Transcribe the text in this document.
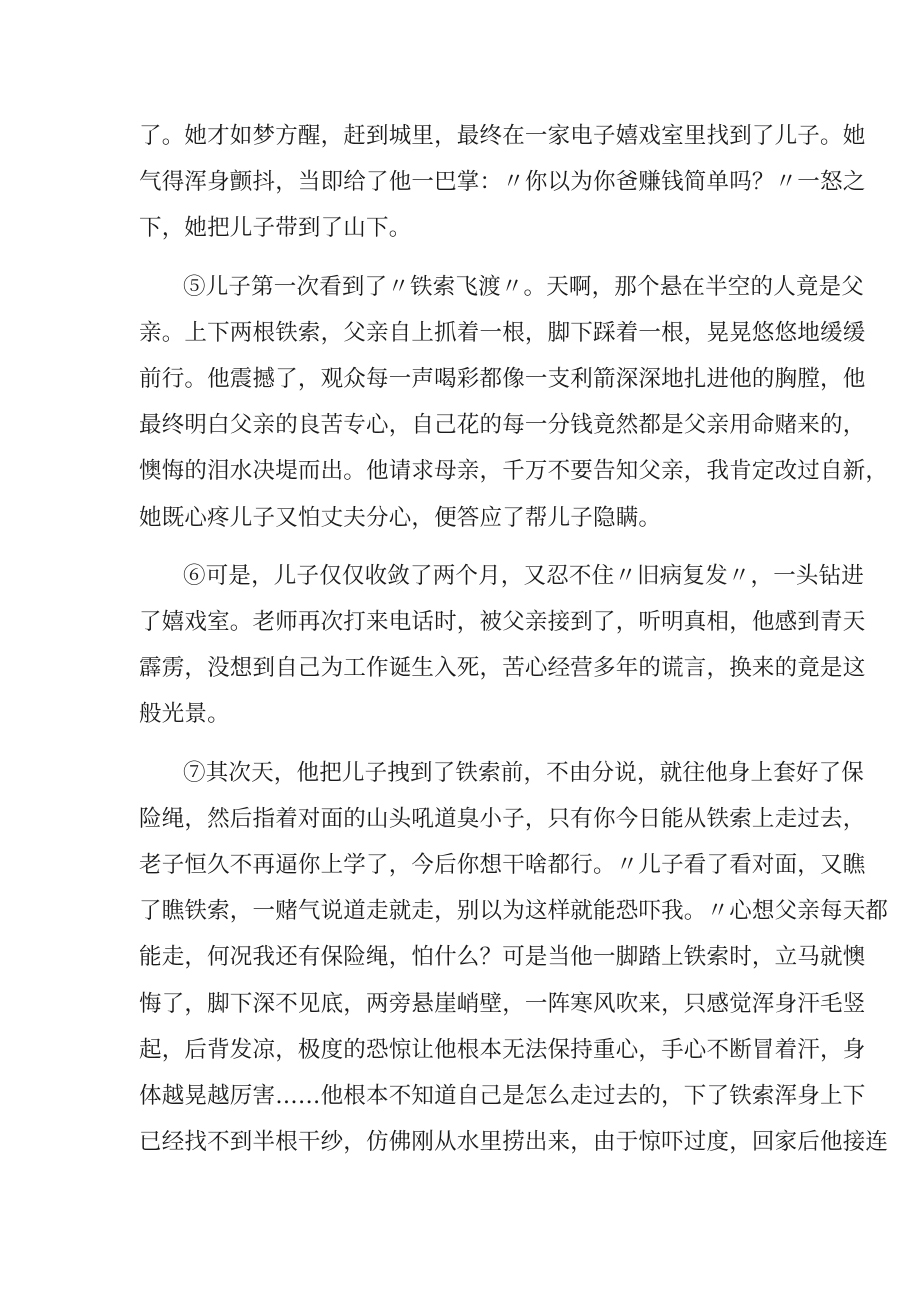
了。她才如梦方醒，赶到城里，最终在一家电子嬉戏室里找到了儿子。她
气得浑身颤抖，当即给了他一巴掌：〃你以为你爸赚钱简单吗？〃一怒之
下，她把儿子带到了山下。
⑤儿子第一次看到了〃铁索飞渡〃。天啊，那个悬在半空的人竟是父
亲。上下两根铁索，父亲自上抓着一根，脚下踩着一根，晃晃悠悠地缓缓
前行。他震撼了，观众每一声喝彩都像一支利箭深深地扎进他的胸膛，他
最终明白父亲的良苦专心，自己花的每一分钱竟然都是父亲用命赌来的，
懊悔的泪水决堤而出。他请求母亲，千万不要告知父亲，我肯定改过自新，
她既心疼儿子又怕丈夫分心，便答应了帮儿子隐瞒。
⑥可是，儿子仅仅收敛了两个月，又忍不住〃旧病复发〃，一头钻进
了嬉戏室。老师再次打来电话时，被父亲接到了，听明真相，他感到青天
霹雳，没想到自己为工作诞生入死，苦心经营多年的谎言，换来的竟是这
般光景。
⑦其次天，他把儿子拽到了铁索前，不由分说，就往他身上套好了保
险绳，然后指着对面的山头吼道臭小子，只有你今日能从铁索上走过去，
老子恒久不再逼你上学了，今后你想干啥都行。〃儿子看了看对面，又瞧
了瞧铁索，一赌气说道走就走，别以为这样就能恐吓我。〃心想父亲每天都
能走，何况我还有保险绳，怕什么？可是当他一脚踏上铁索时，立马就懊
悔了，脚下深不见底，两旁悬崖峭壁，一阵寒风吹来，只感觉浑身汗毛竖
起，后背发凉，极度的恐惊让他根本无法保持重心，手心不断冒着汗，身
体越晃越厉害……他根本不知道自己是怎么走过去的，下了铁索浑身上下
已经找不到半根干纱，仿佛刚从水里捞出来，由于惊吓过度，回家后他接连
